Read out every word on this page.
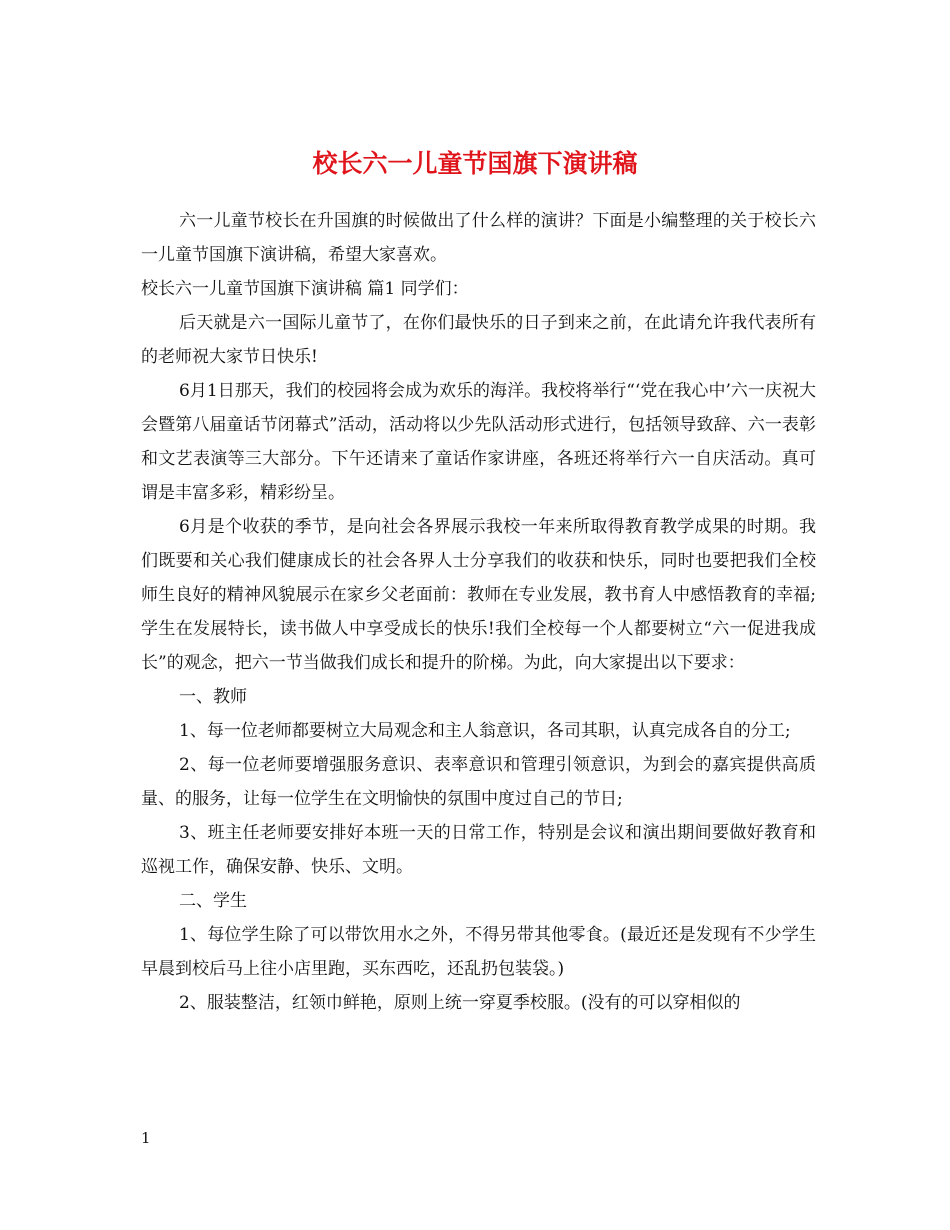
校长六一儿童节国旗下演讲稿

六一儿童节校长在升国旗的时候做出了什么样的演讲？下面是小编整理的关于校长六一儿童节国旗下演讲稿，希望大家喜欢。

校长六一儿童节国旗下演讲稿 篇1 同学们：

后天就是六一国际儿童节了，在你们最快乐的日子到来之前，在此请允许我代表所有的老师祝大家节日快乐!

6月1日那天，我们的校园将会成为欢乐的海洋。我校将举行“‘党在我心中’六一庆祝大会暨第八届童话节闭幕式”活动，活动将以少先队活动形式进行，包括领导致辞、六一表彰和文艺表演等三大部分。下午还请来了童话作家讲座，各班还将举行六一自庆活动。真可谓是丰富多彩，精彩纷呈。

6月是个收获的季节，是向社会各界展示我校一年来所取得教育教学成果的时期。我们既要和关心我们健康成长的社会各界人士分享我们的收获和快乐，同时也要把我们全校师生良好的精神风貌展示在家乡父老面前：教师在专业发展，教书育人中感悟教育的幸福;学生在发展特长，读书做人中享受成长的快乐!我们全校每一个人都要树立“六一促进我成长”的观念，把六一节当做我们成长和提升的阶梯。为此，向大家提出以下要求：

一、教师

1、每一位老师都要树立大局观念和主人翁意识，各司其职，认真完成各自的分工;

2、每一位老师要增强服务意识、表率意识和管理引领意识，为到会的嘉宾提供高质量、的服务，让每一位学生在文明愉快的氛围中度过自己的节日;

3、班主任老师要安排好本班一天的日常工作，特别是会议和演出期间要做好教育和巡视工作，确保安静、快乐、文明。

二、学生

1、每位学生除了可以带饮用水之外，不得另带其他零食。(最近还是发现有不少学生早晨到校后马上往小店里跑，买东西吃，还乱扔包装袋。)

2、服装整洁，红领巾鲜艳，原则上统一穿夏季校服。(没有的可以穿相似的

1
